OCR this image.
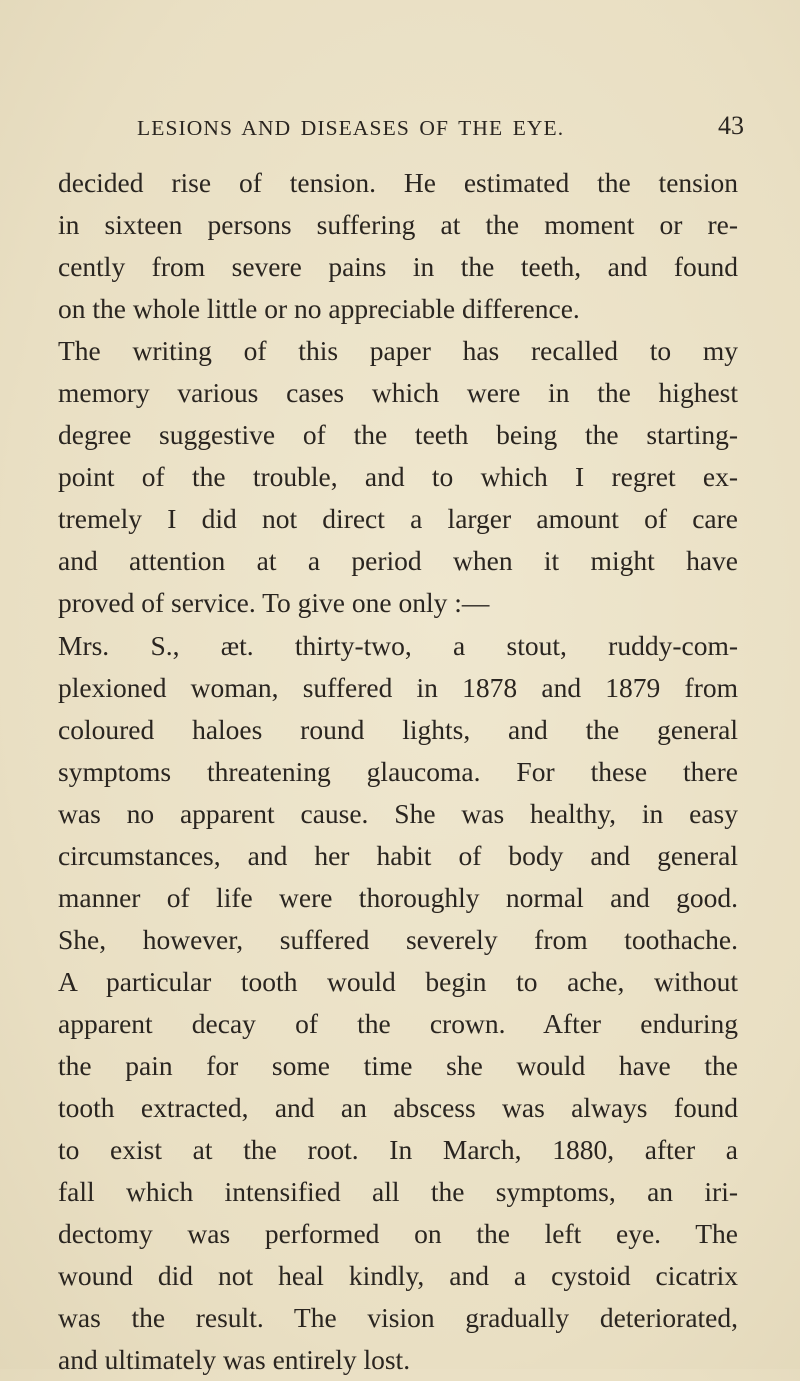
LESIONS AND DISEASES OF THE EYE.	43
decided rise of tension. He estimated the tension
in sixteen persons suffering at the moment or re-
cently from severe pains in the teeth, and found
on the whole little or no appreciable difference.
The writing of this paper has recalled to my
memory various cases which were in the highest
degree suggestive of the teeth being the starting-
point of the trouble, and to which I regret ex-
tremely I did not direct a larger amount of care
and attention at a period when it might have
proved of service. To give one only :—
Mrs. S., æt. thirty-two, a stout, ruddy-com-
plexioned woman, suffered in 1878 and 1879 from
coloured haloes round lights, and the general
symptoms threatening glaucoma. For these there
was no apparent cause. She was healthy, in easy
circumstances, and her habit of body and general
manner of life were thoroughly normal and good.
She, however, suffered severely from toothache.
A particular tooth would begin to ache, without
apparent decay of the crown. After enduring
the pain for some time she would have the
tooth extracted, and an abscess was always found
to exist at the root. In March, 1880, after a
fall which intensified all the symptoms, an iri-
dectomy was performed on the left eye. The
wound did not heal kindly, and a cystoid cicatrix
was the result. The vision gradually deteriorated,
and ultimately was entirely lost.
